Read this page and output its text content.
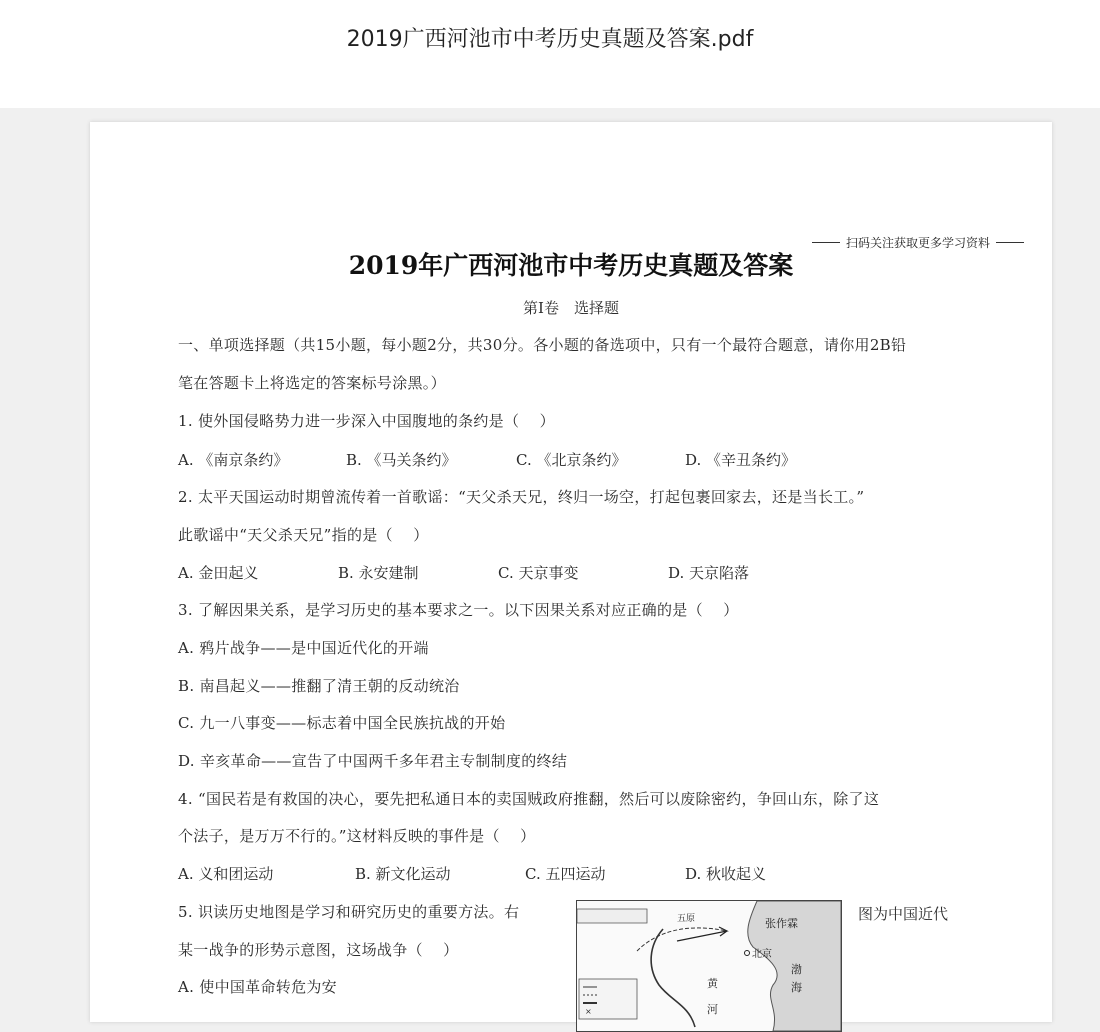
2019广西河池市中考历史真题及答案.pdf
扫码关注获取更多学习资料
2019年广西河池市中考历史真题及答案
第Ⅰ卷　选择题
一、单项选择题（共15小题，每小题2分，共30分。各小题的备选项中，只有一个最符合题意，请你用2B铅
笔在答题卡上将选定的答案标号涂黑。）
1. 使外国侵略势力进一步深入中国腹地的条约是（　 ）
A. 《南京条约》	B. 《马关条约》	C. 《北京条约》	D. 《辛丑条约》
2. 太平天国运动时期曾流传着一首歌谣：“天父杀天兄，终归一场空，打起包裹回家去，还是当长工。”
此歌谣中“天父杀天兄”指的是（　 ）
A. 金田起义	B. 永安建制	C. 天京事变	D. 天京陷落
3. 了解因果关系，是学习历史的基本要求之一。以下因果关系对应正确的是（　 ）
A. 鸦片战争——是中国近代化的开端
B. 南昌起义——推翻了清王朝的反动统治
C. 九一八事变——标志着中国全民族抗战的开始
D. 辛亥革命——宣告了中国两千多年君主专制制度的终结
4. “国民若是有救国的决心，要先把私通日本的卖国贼政府推翻，然后可以废除密约，争回山东，除了这
个法子，是万万不行的。”这材料反映的事件是（　 ）
A. 义和团运动	B. 新文化运动	C. 五四运动	D. 秋收起义
5. 识读历史地图是学习和研究历史的重要方法。右	图为中国近代
某一战争的形势示意图，这场战争（　 ）
A. 使中国革命转危为安
×
张作霖
北京
五原
渤
海
黄
河
